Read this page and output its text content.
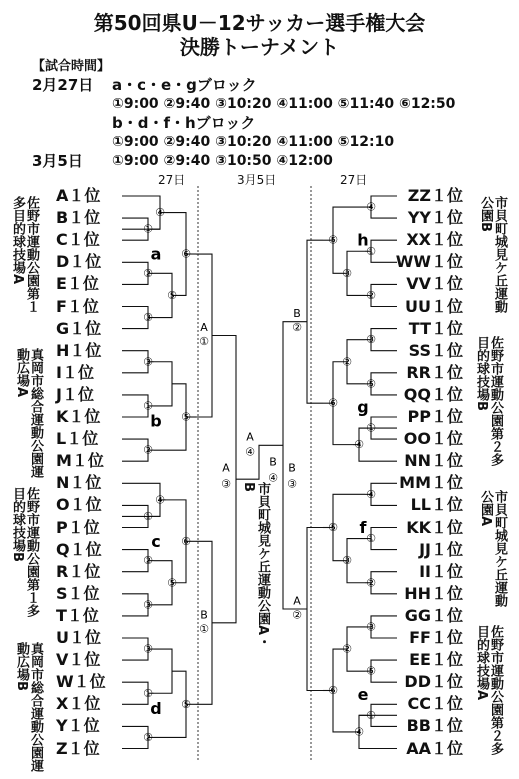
第50回県U－12サッカー選手権大会
決勝トーナメント
【試合時間】
2月27日 a・c・e・gブロック
①9:00 ②9:40 ③10:20 ④11:00 ⑤11:40 ⑥12:50
b・d・f・hブロック
①9:00 ②9:40 ③10:20 ④11:00 ⑤12:10
3月5日 ①9:00 ②9:40 ③10:50 ④12:00
27日	3月5日	27日
A１位
B１位
C１位
D１位
E１位
F１位
G１位
H１位
I１位
J１位
K１位
L１位
M１位
N１位
O１位
P１位
Q１位
R１位
S１位
T１位
U１位
V１位
W１位
X１位
Y１位
Z１位
ZZ１位
YY１位
XX１位
WW１位
VV１位
UU１位
TT１位
SS１位
RR１位
QQ１位
PP１位
OO１位
NN１位
MM１位
LL１位
KK１位
JJ１位
II１位
HH１位
GG１位
FF１位
EE１位
DD１位
CC１位
BB１位
AA１位
佐野市運動公園第１多目的球技場A
真岡市総合運動公園運動広場A
佐野市運動公園第１多目的球技場B
真岡市総合運動公園運動広場B
市貝町城見ケ丘運動公園B
佐野市運動公園第２多目的球技場B
市貝町城見ケ丘運動公園A
佐野市運動公園第２多目的球技場A
市貝町城見ケ丘運動公園A・B
①
④
②
③
⑤
⑥
a
③
①
②
⑤
b
①
④
②
③
⑤
⑥
c
③
①
②
⑤
d
④
①
②
③
⑤ h
③
⑤
①
④
②
⑥ g
④
①
②
③
⑤ f
③
⑤
①
④
②
⑥ e
A
①
B
①
B
②
A
②
A
③
A
④
B
④
B
③
